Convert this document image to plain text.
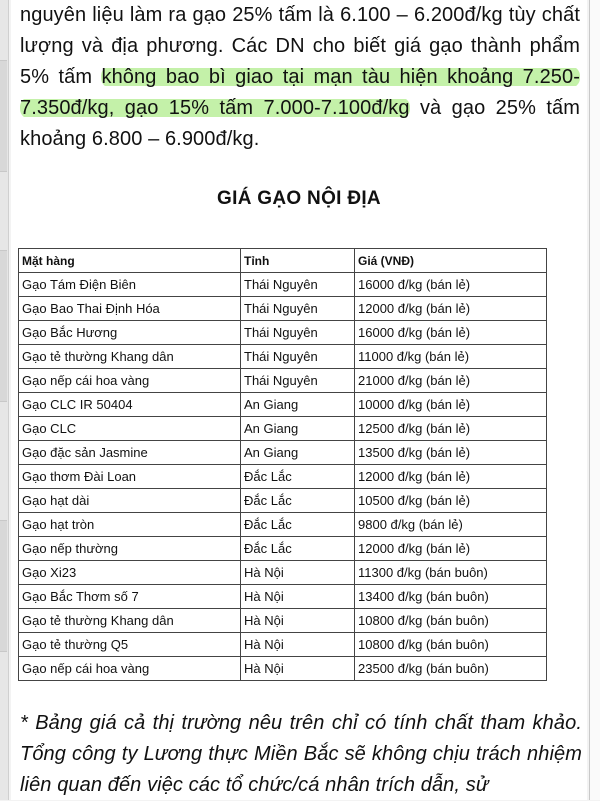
nguyên liệu làm ra gạo 25% tấm là 6.100 – 6.200đ/kg tùy chất lượng và địa phương. Các DN cho biết giá gạo thành phẩm 5% tấm không bao bì giao tại mạn tàu hiện khoảng 7.250-7.350đ/kg, gạo 15% tấm 7.000-7.100đ/kg và gạo 25% tấm khoảng 6.800 – 6.900đ/kg.

GIÁ GẠO NỘI ĐỊA
Mặt hàng	Tỉnh	Giá (VNĐ)
Gạo Tám Điện Biên	Thái Nguyên	16000 đ/kg (bán lẻ)
Gạo Bao Thai Định Hóa	Thái Nguyên	12000 đ/kg (bán lẻ)
Gạo Bắc Hương	Thái Nguyên	16000 đ/kg (bán lẻ)
Gạo tẻ thường Khang dân	Thái Nguyên	11000 đ/kg (bán lẻ)
Gạo nếp cái hoa vàng	Thái Nguyên	21000 đ/kg (bán lẻ)
Gạo CLC IR 50404	An Giang	10000 đ/kg (bán lẻ)
Gạo CLC	An Giang	12500 đ/kg (bán lẻ)
Gạo đặc sản Jasmine	An Giang	13500 đ/kg (bán lẻ)
Gạo thơm Đài Loan	Đắc Lắc	12000 đ/kg (bán lẻ)
Gạo hạt dài	Đắc Lắc	10500 đ/kg (bán lẻ)
Gạo hạt tròn	Đắc Lắc	9800 đ/kg (bán lẻ)
Gạo nếp thường	Đắc Lắc	12000 đ/kg (bán lẻ)
Gạo Xi23	Hà Nội	11300 đ/kg (bán buôn)
Gạo Bắc Thơm số 7	Hà Nội	13400 đ/kg (bán buôn)
Gạo tẻ thường Khang dân	Hà Nội	10800 đ/kg (bán buôn)
Gạo tẻ thường Q5	Hà Nội	10800 đ/kg (bán buôn)
Gạo nếp cái hoa vàng	Hà Nội	23500 đ/kg (bán buôn)

* Bảng giá cả thị trường nêu trên chỉ có tính chất tham khảo. Tổng công ty Lương thực Miền Bắc sẽ không chịu trách nhiệm liên quan đến việc các tổ chức/cá nhân trích dẫn, sử
